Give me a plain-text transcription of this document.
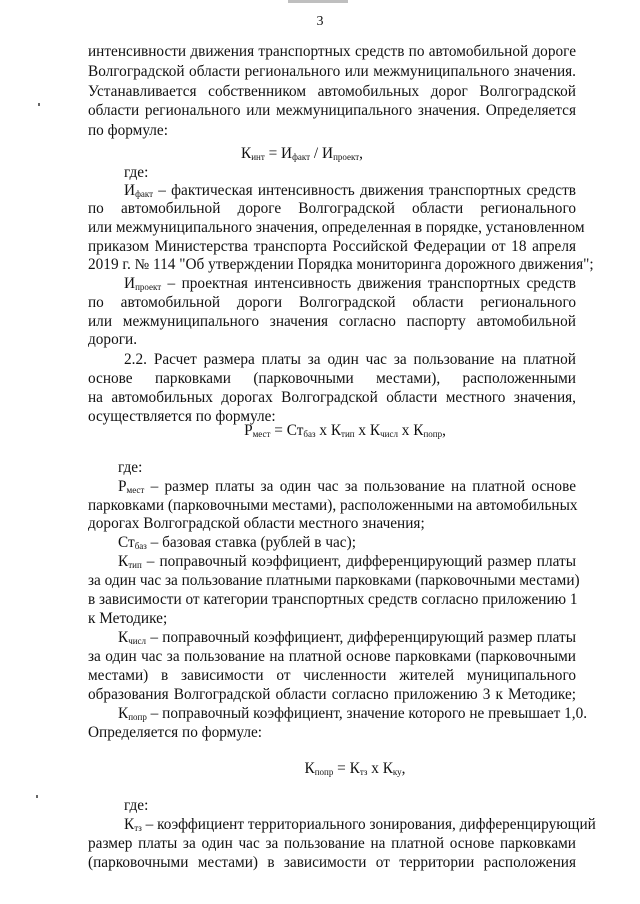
3
интенсивности движения транспортных средств по автомобильной дороге
Волгоградской области регионального или межмуниципального значения.
Устанавливается собственником автомобильных дорог Волгоградской
области регионального или межмуниципального значения. Определяется
по формуле:
$К_{инт} = И_{факт} / И_{проект}$,
где:
$И_{факт}$ – фактическая интенсивность движения транспортных средств
по автомобильной дороге Волгоградской области регионального
или межмуниципального значения, определенная в порядке, установленном
приказом Министерства транспорта Российской Федерации от 18 апреля
2019 г. № 114 "Об утверждении Порядка мониторинга дорожного движения";
$И_{проект}$ – проектная интенсивность движения транспортных средств
по автомобильной дороги Волгоградской области регионального
или межмуниципального значения согласно паспорту автомобильной
дороги.
2.2. Расчет размера платы за один час за пользование на платной
основе парковками (парковочными местами), расположенными
на автомобильных дорогах Волгоградской области местного значения,
осуществляется по формуле:
$Р_{мест} = Ст_{баз}$ х $К_{тип}$ х $К_{числ}$ х $К_{попр}$,
где:
$Р_{мест}$ – размер платы за один час за пользование на платной основе
парковками (парковочными местами), расположенными на автомобильных
дорогах Волгоградской области местного значения;
$Ст_{баз}$ – базовая ставка (рублей в час);
$К_{тип}$ – поправочный коэффициент, дифференцирующий размер платы
за один час за пользование платными парковками (парковочными местами)
в зависимости от категории транспортных средств согласно приложению 1
к Методике;
$К_{числ}$ – поправочный коэффициент, дифференцирующий размер платы
за один час за пользование на платной основе парковками (парковочными
местами) в зависимости от численности жителей муниципального
образования Волгоградской области согласно приложению 3 к Методике;
$К_{попр}$ – поправочный коэффициент, значение которого не превышает 1,0.
Определяется по формуле:
$К_{попр} = К_{тз}$ х $К_{ку}$,
где:
$К_{тз}$ – коэффициент территориального зонирования, дифференцирующий
размер платы за один час за пользование на платной основе парковками
(парковочными местами) в зависимости от территории расположения
